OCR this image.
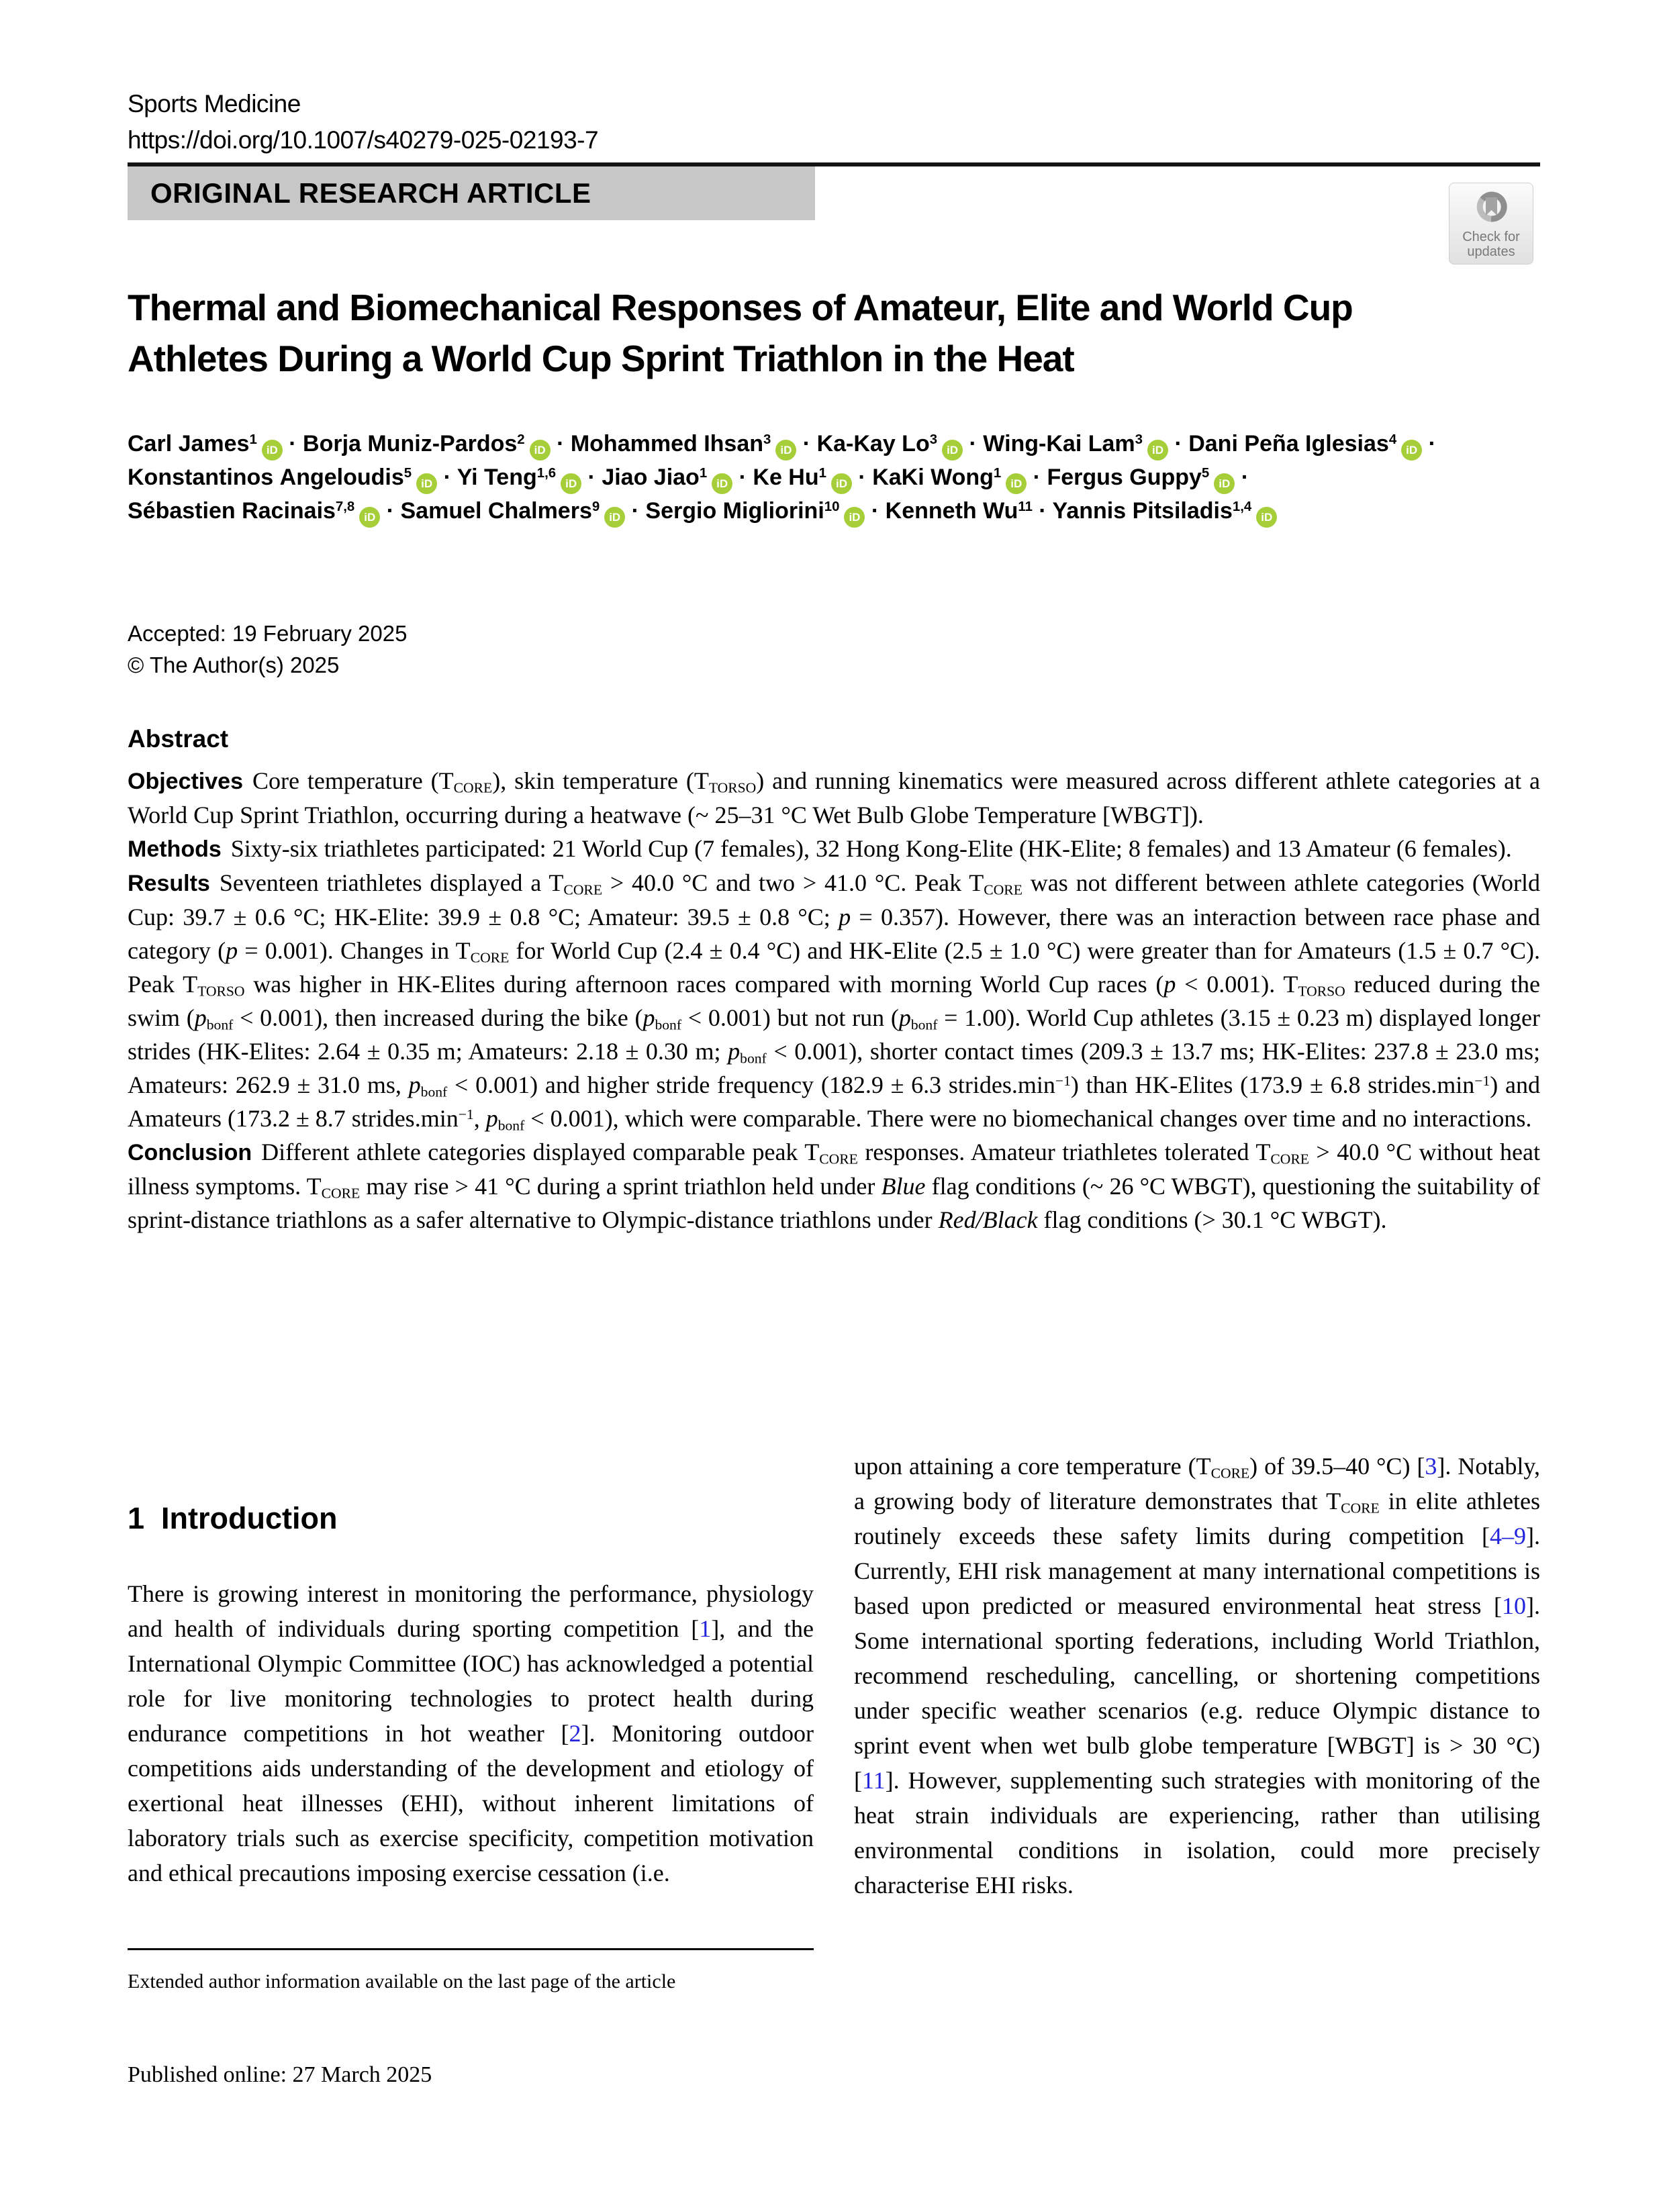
Sports Medicine
https://doi.org/10.1007/s40279-025-02193-7
ORIGINAL RESEARCH ARTICLE
Check for
updates
Thermal and Biomechanical Responses of Amateur, Elite and World Cup Athletes During a World Cup Sprint Triathlon in the Heat
Carl James$^1$iD · Borja Muniz-Pardos$^2$iD · Mohammed Ihsan$^3$iD · Ka-Kay $Lo^3iD$ · Wing-Kai Lam$^3$iD · Dani Peña Iglesias$^4$iD · Konstantinos Angeloudis$^5$iD · Yi Teng$^{1,6}$iD · Jiao Jiao$^1$iD · Ke $Hu^1iD$ · KaKi Wong$^1$iD · Fergus Guppy$^5$iD · Sébastien Racinais$^{7,8}$iD · Samuel Chalmers$^9$iD · Sergio Migliorini$^{10}$iD · Kenneth $Wu^{11}$ · Yannis Pitsiladis$^{1,4}$iD
Accepted: 19 February 2025
© The Author(s) 2025
Abstract

Objectives Core temperature $(T_{CORE})$, skin temperature $(T_{TORSO})$ and running kinematics were measured across different athlete categories at a World Cup Sprint Triathlon, occurring during a heatwave (~ 25–31 °C Wet Bulb Globe Temperature [WBGT]).

Methods Sixty-six triathletes participated: 21 World Cup (7 females), 32 Hong Kong-Elite (HK-Elite; 8 females) and 13 Amateur (6 females).

Results Seventeen triathletes displayed a $T_{CORE} > 40.0$ °C and two > 41.0 °C. Peak $T_{CORE}$ was not different between athlete categories (World Cup: 39.7 ± 0.6 °C; HK-Elite: 39.9 ± 0.8 °C; Amateur: 39.5 ± 0.8 °C; p = 0.357). However, there was an interaction between race phase and category (p = 0.001). Changes in $T_{CORE}$ for World Cup (2.4 ± 0.4 °C) and HK-Elite (2.5 ± 1.0 °C) were greater than for Amateurs (1.5 ± 0.7 °C). Peak $T_{TORSO}$ was higher in HK-Elites during afternoon races compared with morning World Cup races (p < 0.001). $T_{TORSO}$ reduced during the swim $(p_{bonf} < 0.001)$, then increased during the bike $(p_{bonf} < 0.001)$ but not run $(p_{bonf} = 1.00)$. World Cup athletes (3.15 ± 0.23 m) displayed longer strides (HK-Elites: 2.64 ± 0.35 m; Amateurs: 2.18 ± 0.30 m; $p_{bonf} < 0.001$), shorter contact times (209.3 ± 13.7 ms; HK-Elites: 237.8 ± 23.0 ms; Amateurs: 262.9 ± 31.0 ms, $p_{bonf} < 0.001$) and higher stride frequency (182.9 ± 6.3 $strides.\min^{-1}$) than HK-Elites (173.9 ± 6.8 $strides.\min^{-1}$) and Amateurs (173.2 ± 8.7 $strides.\min^{-1}$, $p_{bonf} < 0.001$), which were comparable. There were no biomechanical changes over time and no interactions.

Conclusion Different athlete categories displayed comparable peak $T_{CORE}$ responses. Amateur triathletes tolerated $T_{CORE} > 40.0$ °C without heat illness symptoms. $T_{CORE}$ may rise > 41 °C during a sprint triathlon held under Blue flag conditions (~ 26 °C WBGT), questioning the suitability of sprint-distance triathlons as a safer alternative to Olympic-distance triathlons under Red/Black flag conditions (> 30.1 °C WBGT).

1  Introduction

There is growing interest in monitoring the performance, physiology and health of individuals during sporting competition [1], and the International Olympic Committee (IOC) has acknowledged a potential role for live monitoring technologies to protect health during endurance competitions in hot weather [2]. Monitoring outdoor competitions aids understanding of the development and etiology of exertional heat illnesses (EHI), without inherent limitations of laboratory trials such as exercise specificity, competition motivation and ethical precautions imposing exercise cessation (i.e.

upon attaining a core temperature $(T_{CORE})$ of 39.5–40 °C) [3]. Notably, a growing body of literature demonstrates that $T_{CORE}$ in elite athletes routinely exceeds these safety limits during competition [4–9]. Currently, EHI risk management at many international competitions is based upon predicted or measured environmental heat stress [10]. Some international sporting federations, including World Triathlon, recommend rescheduling, cancelling, or shortening competitions under specific weather scenarios (e.g. reduce Olympic distance to sprint event when wet bulb globe temperature [WBGT] is > 30 °C) [11]. However, supplementing such strategies with monitoring of the heat strain individuals are experiencing, rather than utilising environmental conditions in isolation, could more precisely characterise EHI risks.

Extended author information available on the last page of the article
Published online: 27 March 2025
